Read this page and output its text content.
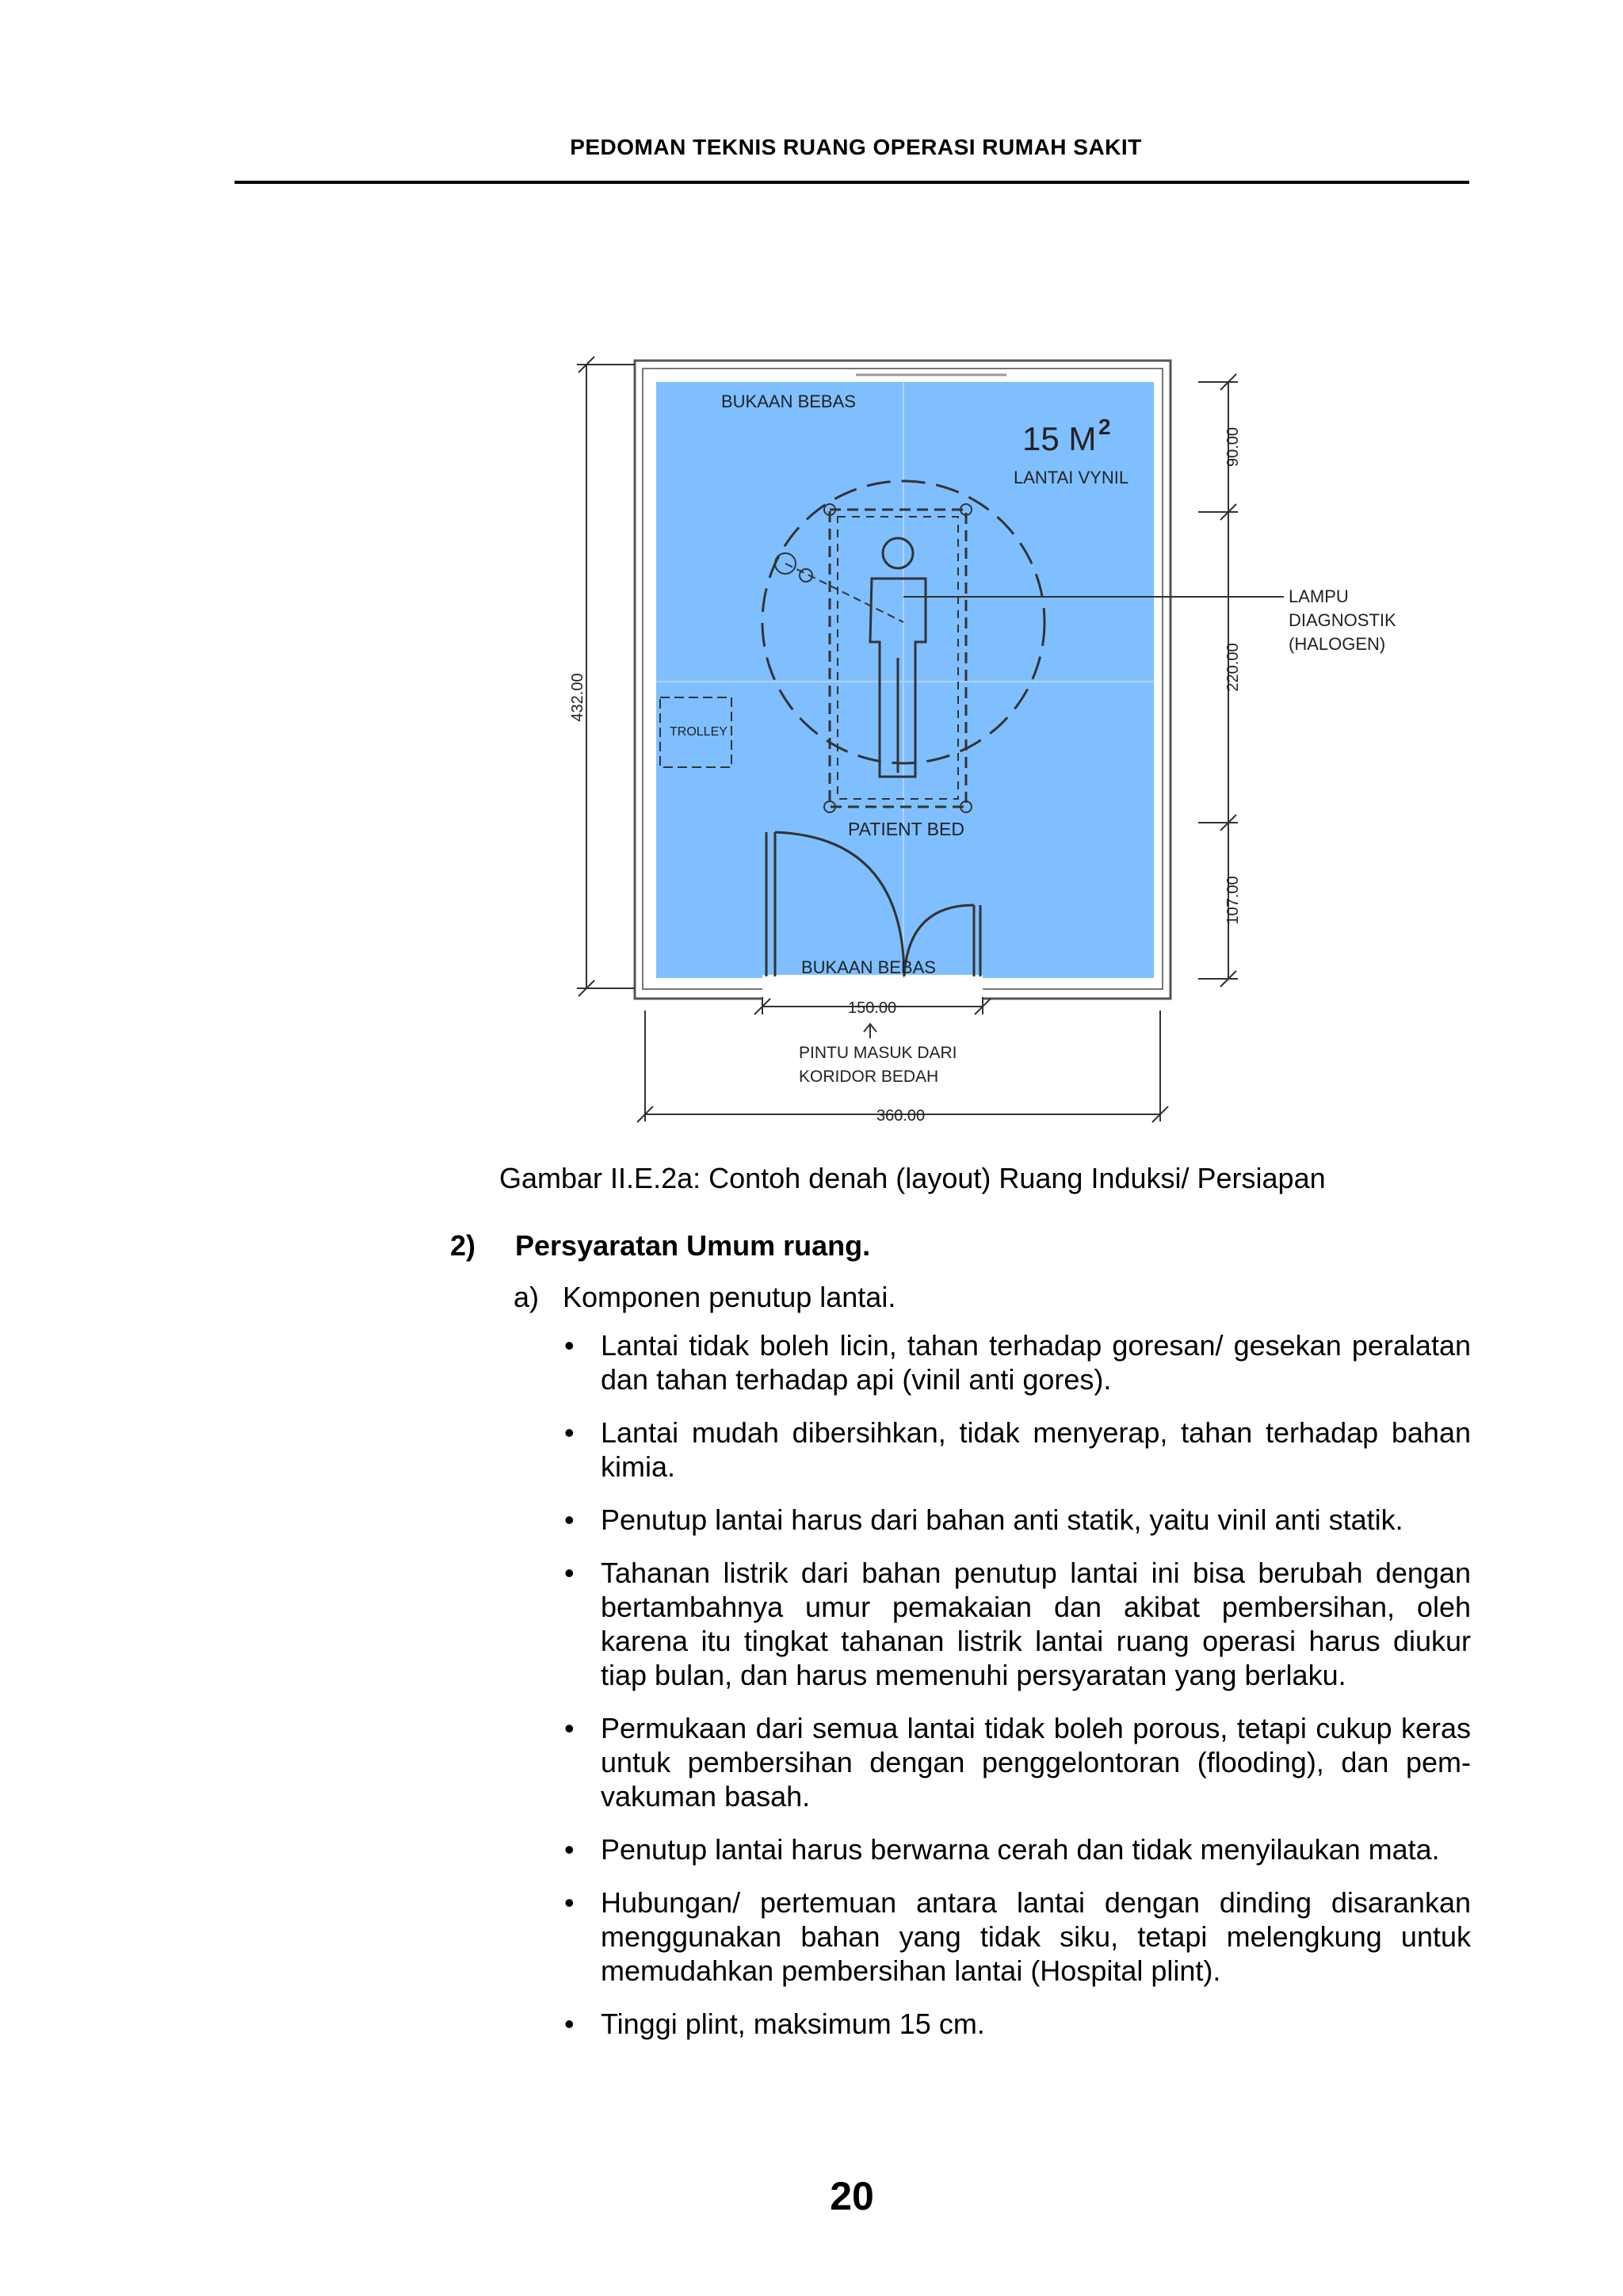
PEDOMAN TEKNIS RUANG OPERASI RUMAH SAKIT
BUKAAN BEBAS
15 M 2
LANTAI VYNIL
TROLLEY
PATIENT BED
BUKAAN BEBAS
LAMPU
DIAGNOSTIK
(HALOGEN)
432.00
90.00
220.00
107.00
150.00
PINTU MASUK DARI
KORIDOR BEDAH
360.00
Gambar II.E.2a: Contoh denah (layout) Ruang Induksi/ Persiapan
2) Persyaratan Umum ruang.
a) Komponen penutup lantai.
• Lantai tidak boleh licin, tahan terhadap goresan/ gesekan peralatan dan tahan terhadap api (vinil anti gores).
• Lantai mudah dibersihkan, tidak menyerap, tahan terhadap bahan kimia.
• Penutup lantai harus dari bahan anti statik, yaitu vinil anti statik.
• Tahanan listrik dari bahan penutup lantai ini bisa berubah dengan bertambahnya umur pemakaian dan akibat pembersihan, oleh karena itu tingkat tahanan listrik lantai ruang operasi harus diukur tiap bulan, dan harus memenuhi persyaratan yang berlaku.
• Permukaan dari semua lantai tidak boleh porous, tetapi cukup keras untuk pembersihan dengan penggelontoran (flooding), dan pem-vakuman basah.
• Penutup lantai harus berwarna cerah dan tidak menyilaukan mata.
• Hubungan/ pertemuan antara lantai dengan dinding disarankan menggunakan bahan yang tidak siku, tetapi melengkung untuk memudahkan pembersihan lantai (Hospital plint).
• Tinggi plint, maksimum 15 cm.
20
